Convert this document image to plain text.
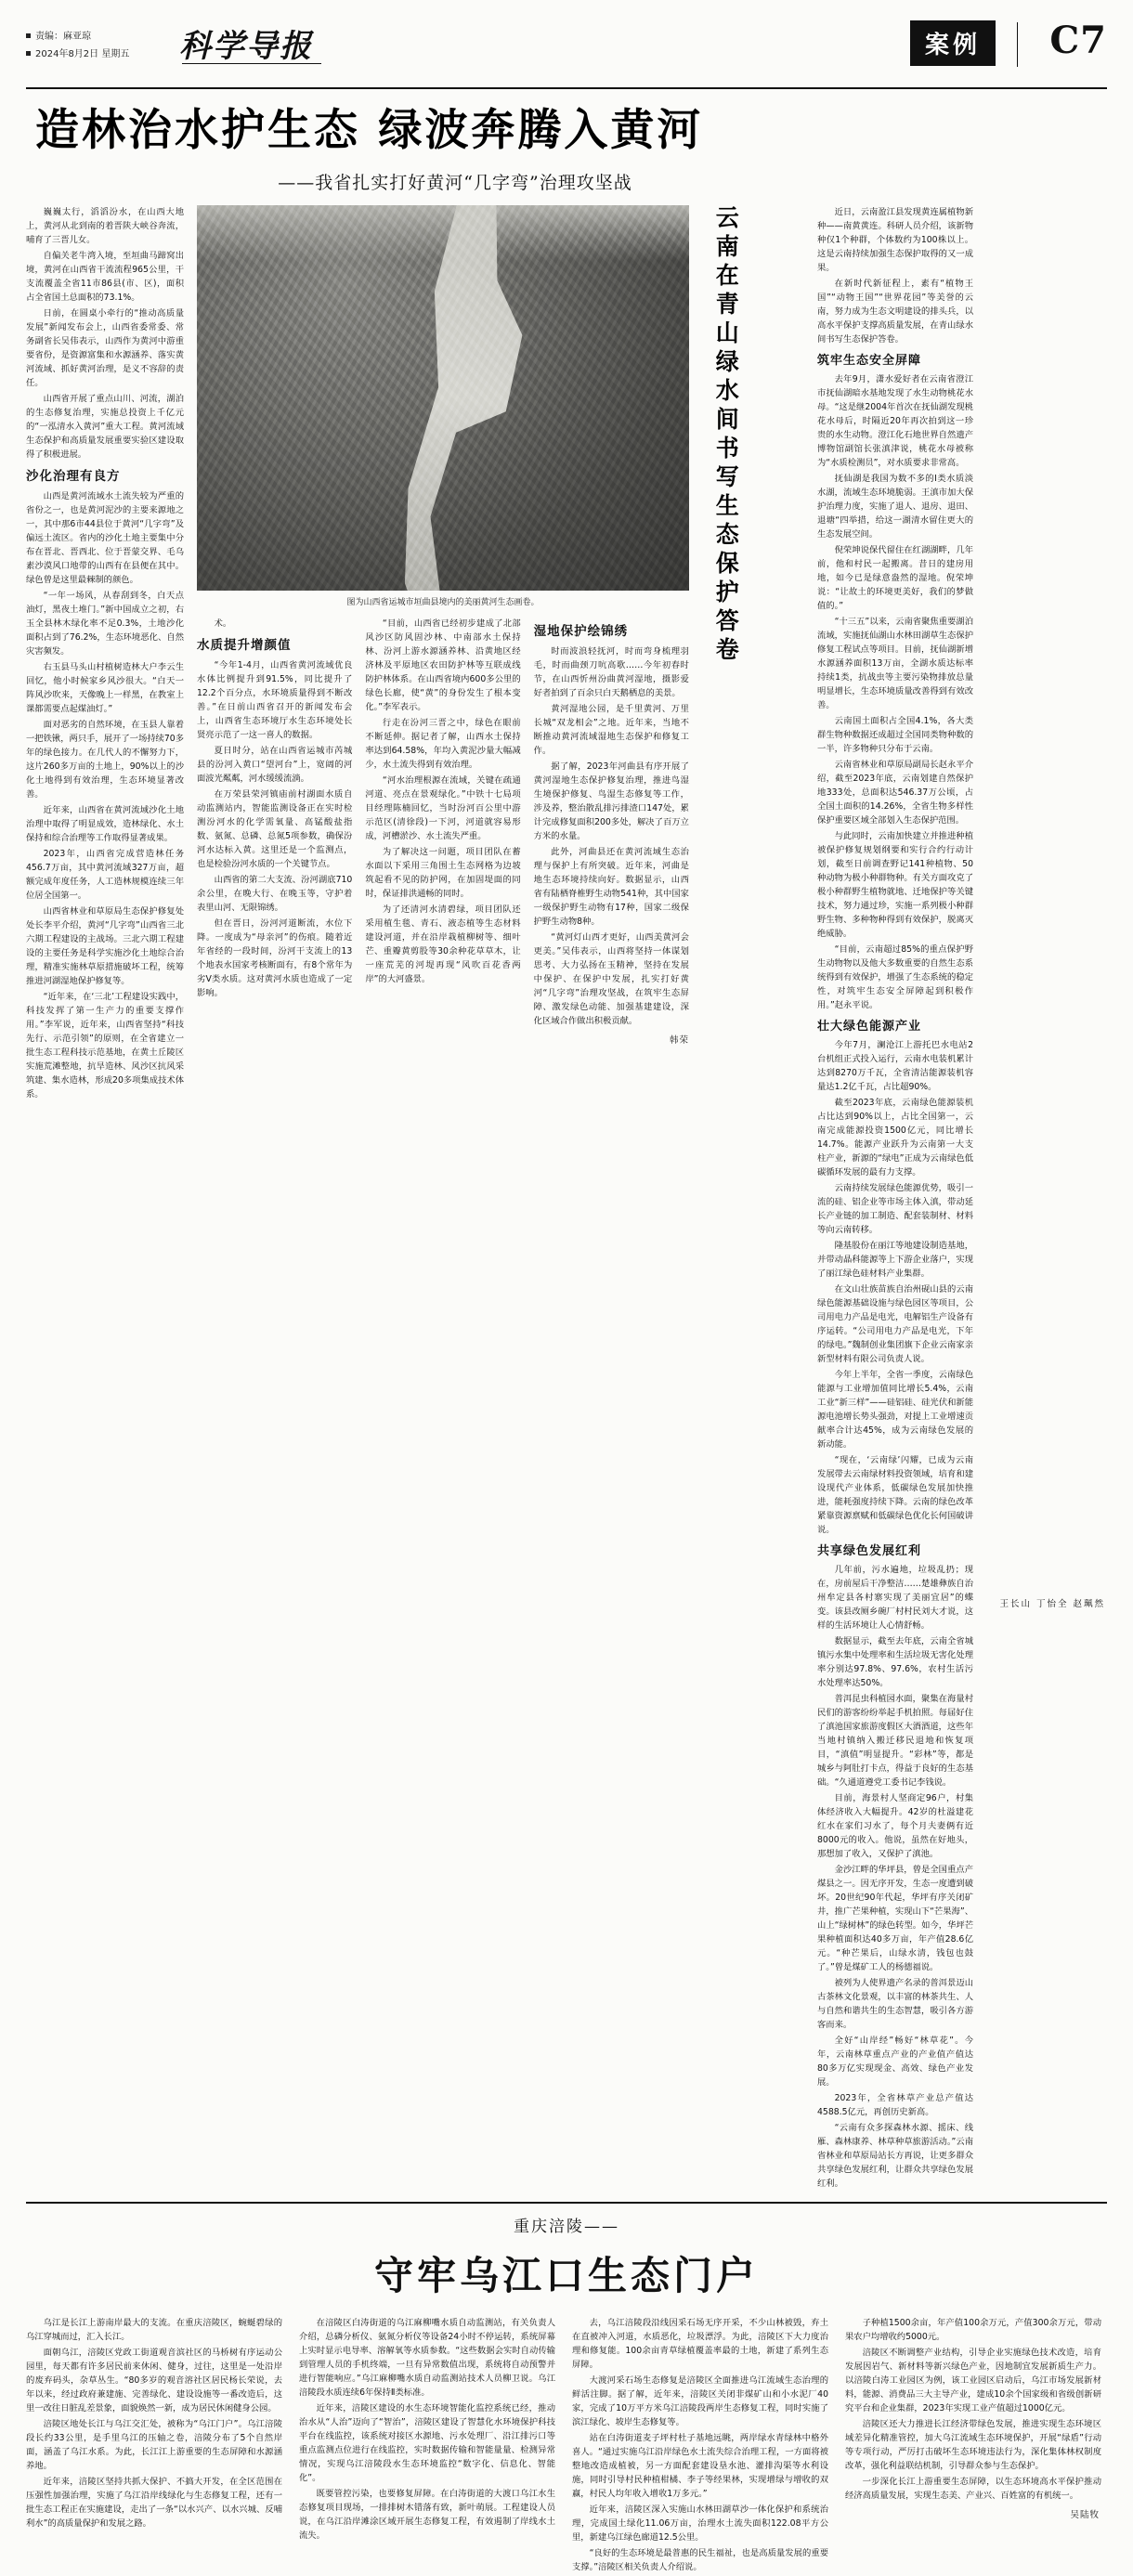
责编：麻亚琼
2024年8月2日 星期五 科学导报	案例	C7
造林治水护生态 绿波奔腾入黄河
——我省扎实打好黄河“几字弯”治理攻坚战

巍巍太行，滔滔汾水，在山西大地上，黄河从北到南的着晋陕大峡谷奔流，哺育了三晋儿女。

自偏关老牛湾入境，至垣曲马蹄窝出境，黄河在山西省干流流程965公里，干支流覆盖全省11市86县(市、区)，面积占全省国土总面积的73.1%。

日前，在圆桌小牵行的“推动高质量发展”新闻发布会上，山西省委常委、常务副省长吴伟表示，山西作为黄河中游重要省份，是资源富集和水源涵养、落实黄河流域、抓好黄河治理，是义不容辞的责任。

山西省开展了重点山川、河流，湖泊的生态修复治理，实施总投资上千亿元的“一泓清水入黄河”重大工程。黄河流域生态保护和高质量发展重要实验区建设取得了积极进展。

沙化治理有良方

山西是黄河流域水土流失较为严重的省份之一，也是黄河泥沙的主要来源地之一，其中那6市44县位于黄河“几字弯”及偏远土流区。省内的沙化土地主要集中分布在晋北、晋西北、位于晋蒙交界、毛乌素沙漠风口地带的山西有在县便在其中。绿色曾是这里最棘制的颜色。

“一年一场风，从春刮到冬，白天点油灯，黑夜土堆门。”新中国成立之初，右玉全县林木绿化率不足0.3%，土地沙化面积占到了76.2%，生态环境恶化、自然灾害频发。

右玉县马头山村植树造林大户李云生回忆，他小时候家乡风沙很大。“白天一阵风沙吹来，天像晚上一样黑，在教室上课都需要点起煤油灯。”

面对恶劣的自然环境，在玉县人靠着一把铁锹，两只手，展开了一场持续70多年的绿色接力。在几代人的不懈努力下，这片260多万亩的土地上，90%以上的沙化土地得到有效治理，生态环境显著改善。

近年来，山西省在黄河流域沙化土地治理中取得了明显成效，造林绿化、水土保持和综合治理等工作取得显著成果。

2023年，山西省完成营造林任务456.7万亩，其中黄河流域327万亩，超额完成年度任务，人工造林规模连续三年位居全国第一。

山西省林业和草原局生态保护修复处处长李平介绍，黄河“几字弯”山西省三北六期工程建设的主战场。三北六期工程建设的主要任务是科学实施沙化土地综合治理，精准实施林草原措施破坏工程，统筹推进河湖湿地保护修复等。

“近年来，在‘三北’工程建设实践中，科技发挥了第一生产力的重要支撑作用。”李军说，近年来，山西省坚持“科技先行、示范引领”的原则，在全省建立一批生态工程科技示范基地，在黄土丘陵区实施荒滩整地，抗旱造林、风沙区抗风采筑建、集水造林，形成20多项集成技术体系。

图为山西省运城市垣曲县境内的美丽黄河生态画卷。

术。

水质提升增颜值

“今年1-4月，山西省黄河流域优良水体比例提升到91.5%，同比提升了12.2个百分点，水环境质量得到不断改善。”在日前山西省召开的新闻发布会上，山西省生态环境厅水生态环境处长贤亮示范了一这一喜人的数据。

夏日时分，站在山西省运城市芮城县的汾河入黄口“望河台”上，宽阔的河面波光粼粼，河水缓缓流淌。

在万荣县荣河镇庙前村湖面水质自动监测站内，智能监测设备正在实时检测汾河水的化学需氧量、高锰酸盐指数、氨氮、总磷、总氮5项参数，确保汾河水达标入黄。这里还是一个监测点，也是检验汾河水质的一个关键节点。

山西省的第二大支流、汾河湖底710余公里，在晚大行、在晚玉等，守护着表里山河、无限锦绣。

但在晋日，汾河河道断流，水位下降。一度成为“母亲河”的伤痕。随着近年省经的一段时间，汾河干支流上的13个地表水国家考核断面有，有8个常年为劣V类水质。这对黄河水质也造成了一定影响。

“目前，山西省已经初步建成了北部风沙区防风固沙林、中南部水土保持林、汾河上游水源涵养林、沿黄地区经济林及平原地区农田防护林等互联成线防护林体系。在山西省境内600多公里的绿色长廊，使“黄”的身份发生了根本变化。”李军表示。

行走在汾河三晋之中，绿色在眼前不断延伸。据记者了解，山西水土保持率达到64.58%，年均入黄泥沙量大幅减少，水土流失得到有效治理。

“河水治理根源在流域，关键在疏通河道、亮点在景观绿化。”中铁十七局项目经理陈楠回忆，当时汾河百公里中游示范区(清徐段)一下河，河道就容易形成，河槽淤沙、水土流失严重。

为了解决这一问题，项目团队在蓄水面以下采用三角围土生态网格为边坡筑起看不见的防护网，在加固堤面的同时，保证排洪通畅的同时。

为了还清河水清碧绿，项目团队还采用植生毯、青石、液态植等生态材料建设河道，并在沿岸栽植柳树等、细叶芒、重瓣黄剪股等30余种花草草木，让一座荒芜的河堤再现“风吹百花香两岸”的大河盛景。

湿地保护绘锦绣

时而波浪轻抚河，时而弯身梳理羽毛，时而曲颈刀吭高歌……今年初春时节，在山西忻州汾曲黄河湿地，摄影爱好者拍到了百余只白天鹅栖息的美景。

黄河湿地公园，是千里黄河、万里长城“双龙相会”之地。近年来，当地不断推动黄河流域湿地生态保护和修复工作。

据了解，2023年河曲县有序开展了黄河湿地生态保护修复治理，推进鸟湿生境保护修复、鸟湿生态修复等工作，涉及养，整治散乱排污排渣口147处，累计完成修复面积200多处，解决了百万立方米的水量。

此外，河曲县还在黄河流域生态治理与保护上有所突破。近年来，河曲是地生态环境持续向好。数据显示，山西省有陆栖脊椎野生动物541种，其中国家一级保护野生动物有17种，国家二级保护野生动物8种。

“黄河灯山西才更好，山西美黄河会更美。”吴伟表示，山西将坚持一体谋划思考、大力弘扬在玉精神，坚持在发展中保护、在保护中发展，扎实打好黄河“几字弯”治理攻坚战，在筑牢生态屏障、激发绿色动能、加强基建建设，深化区域合作做出积极贡献。

韩荣
云南在青山绿水间书写生态保护答卷	近日，云南盈江县发现黄连属植物新种——南黄黄连。科研人员介绍，该新物种仅1个种群，个体数约为100株以上。这是云南持续加强生态保护取得的又一成果。

在新时代新征程上，素有“植物王国”“动物王国”“世界花园”等美誉的云南，努力成为生态文明建设的排头兵，以高水平保护支撑高质量发展，在青山绿水间书写生态保护答卷。

筑牢生态安全屏障

去年9月，潇水爱好者在云南省澄江市抚仙湖暗水基地发现了水生动物桃花水母。“这是继2004年首次在抚仙湖发现桃花水母后，时隔近20年再次拍到这一珍贵的水生动物。澄江化石地世界自然遗产博物馆副馆长张滇津说，桃花水母被称为“水质检测员”，对水质要求非常高。

抚仙湖是我国为数不多的I类水质淡水湖，流域生态环境脆弱。王滇市加大保护治理力度，实施了退人、退房、退田、退塘“四举措，给这一湖清水留住更大的生态发展空间。

倪荣坤说保代留住在红湖湖畔，几年前，他和村民一起搬离。昔日的建房用地，如今已是绿意盎然的湿地。倪荣坤说：“让故土的环境更美好，我们的梦做值的。”

“十三五”以来，云南省聚焦重要湖泊流域，实施抚仙湖山水林田湖草生态保护修复工程试点等项目。目前，抚仙湖新增水源涵养面积13万亩，全湖水质达标率持续1类，抗战虫等主要污染物排放总量明显增长，生态环境质量改善得到有效改善。

云南国土面积占全国4.1%，各大类群生物种数据还成超过全国同类物种数的一半，许多物种只分布于云南。

云南省林业和草原局副局长赵永平介绍，截至2023年底，云南划建自然保护地333处，总面积达546.37万公顷，占全国土面积的14.26%，全省生物多样性保护重要区域全部划入生态保护范围。

与此同时，云南加快建立并推进种植被保护修复规划纲要和实行合约行动计划，截至日前调查野记141种植物、50种动物为极小种群物种。有关方面攻克了极小种群野生植物就地、迁地保护等关键技术，努力通过珍，实施一系列极小种群野生物、多种物种得到有效保护，脱离灭绝威胁。

“目前，云南超过85%的重点保护野生动物物以及他大多数重要的自然生态系统得到有效保护，增强了生态系统的稳定性，对筑牢生态安全屏障起到积极作用。”赵永平说。

壮大绿色能源产业

今年7月，澜沧江上游托巴水电站2台机组正式投入运行，云南水电装机累计达到8270万千瓦，全省清洁能源装机容量达1.2亿千瓦，占比超90%。

截至2023年底，云南绿色能源装机占比达到90%以上，占比全国第一，云南完成能源投资1500亿元，同比增长14.7%。能源产业跃升为云南第一大支柱产业，新源的“绿电”正成为云南绿色低碳循环发展的最有力支撑。

云南持续发展绿色能源优势，吸引一流的硅、铝企业等市场主体入滇，带动延长产业链的加工制造、配套装制材、材料等向云南转移。

隆基股份在丽江等地建设制造基地，并带动晶科能源等上下游企业落户，实现了丽江绿色硅材料产业集群。

在文山壮族苗族自治州砚山县的云南绿色能源基础设施与绿色园区等项目，公司用电力产品是电光，电解铝生产设备有序运转。“公司用电力产品是电光，下年的绿电。”魏制创业集团旗下企业云南家亲新型材料有限公司负责人说。

今年上半年，全省一季度，云南绿色能源与工业增加值同比增长5.4%，云南工业“新三样”——硅铝硅、硅光伏和新能源电池增长势头强劲，对提上工业增速贡献率合计达45%，成为云南绿色发展的新动能。

“现在，‘云南绿’闪耀，已成为云南发展带去云南绿材料投资领域，培育和建设现代产业体系，低碳绿色发展加快推进，能耗强度持续下降。云南的绿色改革紧靠资源禀赋和低碳绿色优化长何国破讲说。

共享绿色发展红利

几年前，污水遍地，垃圾乱扔；现在，房前屋后干净整洁……楚雄彝族自治州牟定县各村寨实现了美丽宜居”的蝶变。该县改厕乡碗厂村村民刘大才说，这样的生活环境让人心情舒畅。

数据显示，截至去年底，云南全省城镇污水集中处理率和生活垃圾无害化处理率分别达97.8%、97.6%，农村生活污水处理率达50%。

普洱昆虫科植园水面，聚集在海量村民们的游客纷纷举起手机拍照。每届好住了滇池国家旅游度假区大酒酒道，这些年当地村镇纳入搬迁移民退地和恢复项目，“滇值”明显提升。“彩林”等，都是城乡与阿肚打卡点，得益于良好的生态基础。“久通道遵党工委书记李钱说。

目前，海景村人坚商定96户，村集体经济收入大幅提升。42岁的杜溢建花红水在家们习水了，每个月夫妻俩有近8000元的收入。他说，虽然在好地头，那想加了收入，又保护了滇池。

金沙江畔的华坪县，曾是全国重点产煤县之一。因无序开发，生态一度遭到破坏。20世纪90年代起，华坪有序关闭矿井，推广芒果种植，实现山下“芒果海”、山上“绿树林”的绿色转型。如今，华坪芒果种植面积达40多万亩，年产值28.6亿元。“种芒果后，山绿水清，钱包也鼓了。”曾是煤矿工人的杨德福说。

被列为人使界遗产名录的普洱景迈山古茶林文化景观，以丰富的林茶共生、人与自然和谐共生的生态智慧，吸引各方游客而来。

全好“山岸经”畅好“林草花”。今年，云南林草重点产业的产业值产值达80多万亿实现现金、高效、绿色产业发展。

2023年，全省林草产业总产值达4588.5亿元，再创历史新高。

“云南有众多探森林水源、摇床、线雁、森林康养、林草种草旅游活动。”云南省林业和草原局站长方再说，让更多群众共享绿色发展红利，让群众共享绿色发展红利。

重庆涪陵——
守牢乌江口生态门户

乌江是长江上游南岸最大的支流。在重庆涪陵区，蜿蜒碧绿的乌江穿城而过，汇入长江。

面朝乌江，涪陵区党政工街道观音滨社区的马桥树有序运动公园里，每天都有许多居民前来休闲、健身，过往，这里是一处沿岸的废弃码头，杂草丛生。“80多岁的观音溶社区居民杨长荣说，去年以来，经过政府兼建施、完善绿化、建设设施等一番改造后，这里一改往日脏乱差景象，面貌焕然一新，成为居民休闲健身公园。

涪陵区地处长江与乌江交汇处，被称为“乌江门户”。乌江涪陵段长约33公里，是手里乌江的压轴之卷，涪陵分布了5个自然岸面，涵盖了乌江水系。为此，长江江上游重要的生态屏障和水源涵养地。

近年来，涪陵区坚持共抓大保护、不搞大开发，在全区范围在压强性加强治理，实施了乌江沿岸线绿化与生态修复工程，还有一批生态工程正在实施建设，走出了一条“以水兴产、以水兴城、反哺利水”的高质量保护和发展之路。

在涪陵区白涛街道的乌江麻柳嘴水质自动监测站，有关负责人介绍，总磷分析仪、氨氮分析仪等设备24小时不停运转，系统屏幕上实时显示电导率、溶解氧等水质参数。“这些数据会实时自动传输到管理人员的手机终端，一旦有异常数值出现，系统将自动预警并进行智能响应。”乌江麻柳嘴水质自动监测站技术人员柳卫说。乌江涪陵段水质连续6年保持Ⅱ类标准。

近年来，涪陵区建设的水生态环境智能化监控系统已经，推动治水从“人治”迈向了“智治”，涪陵区建设了智慧化水环境保护科技平台在线监控，该系统对接区水源地、污水处理厂、沿江排污口等重点监测点位进行在线监控，实时数据传输和智能量量、检测异常情况，实现乌江涪陵段水生态环境监控“数字化、信息化、智能化”。

既要管控污染，也要修复屏障。在白涛街道的大渡口乌江水生态修复项目现场，一排排树木错落有致，新叶萌展。工程建设人员说，在乌江沿岸滩涂区域开展生态修复工程，有效遏制了岸线水土流失。

去，乌江涪陵段沿线因采石场无序开采，不少山林被毁，弃土在直被冲入河道，水质恶化，垃圾漂浮。为此，涪陵区下大力度治理和修复能。100余亩青草绿植覆盖率最的土地，新建了系列生态屏障。

大渡河采石场生态修复是涪陵区全面推进乌江流域生态治理的鲜活注脚。据了解，近年来，涪陵区关闭非煤矿山和小水泥厂40家，完成了10万平方米乌江涪陵段两岸生态修复工程，同时实施了滨江绿化、坡岸生态修复等。

站在白涛街道麦子坪村杜子基地远眺，两岸绿水青绿林中格外喜人。“通过实施乌江沿岸绿色水土流失综合治理工程，一方面将被整地改造成植被，另一方面配套建设垦水池、灌排沟渠等水利设施，同时引导村民种植柑橘、李子等经果林，实现增绿与增收的双赢，村民人均年收入增收1万多元。”

近年来，涪陵区深入实施山水林田湖草沙一体化保护和系统治理，完成国土绿化11.06万亩，治理水土流失面积122.08平方公里，新建乌江绿色廊道12.5公里。

“良好的生态环境是最普惠的民生福祉，也是高质量发展的重要支撑。”涪陵区相关负责人介绍说。

子种植1500余亩，年产值100余万元，产值300余万元，带动果农户均增收约5000元。

涪陵区不断调整产业结构，引导企业实施绿色技术改造，培育发展因岩气、新材料等新兴绿色产业，因地制宜发展新质生产力。以涪陵白涛工业园区为例，该工业园区启动后，乌江市场发展新材料，能源、消费品三大主导产业，建成10余个国家级和省级创新研究平台和企业集群，2023年实现工业产值超过1000亿元。

涪陵区还大力推进长江经济带绿色发展，推进实现生态环境区域差异化精准管控，加大乌江流域生态环境保护，开展“绿盾”行动等专项行动，严厉打击破坏生态环境违法行为，深化集体林权制度改革，强化利益联结机制，引导群众参与生态保护。

一步深化长江上游重要生态屏障，以生态环境高水平保护推动经济高质量发展，实现生态美、产业兴、百姓富的有机统一。

吴陆牧
王长山 丁怡全 赵珮然
